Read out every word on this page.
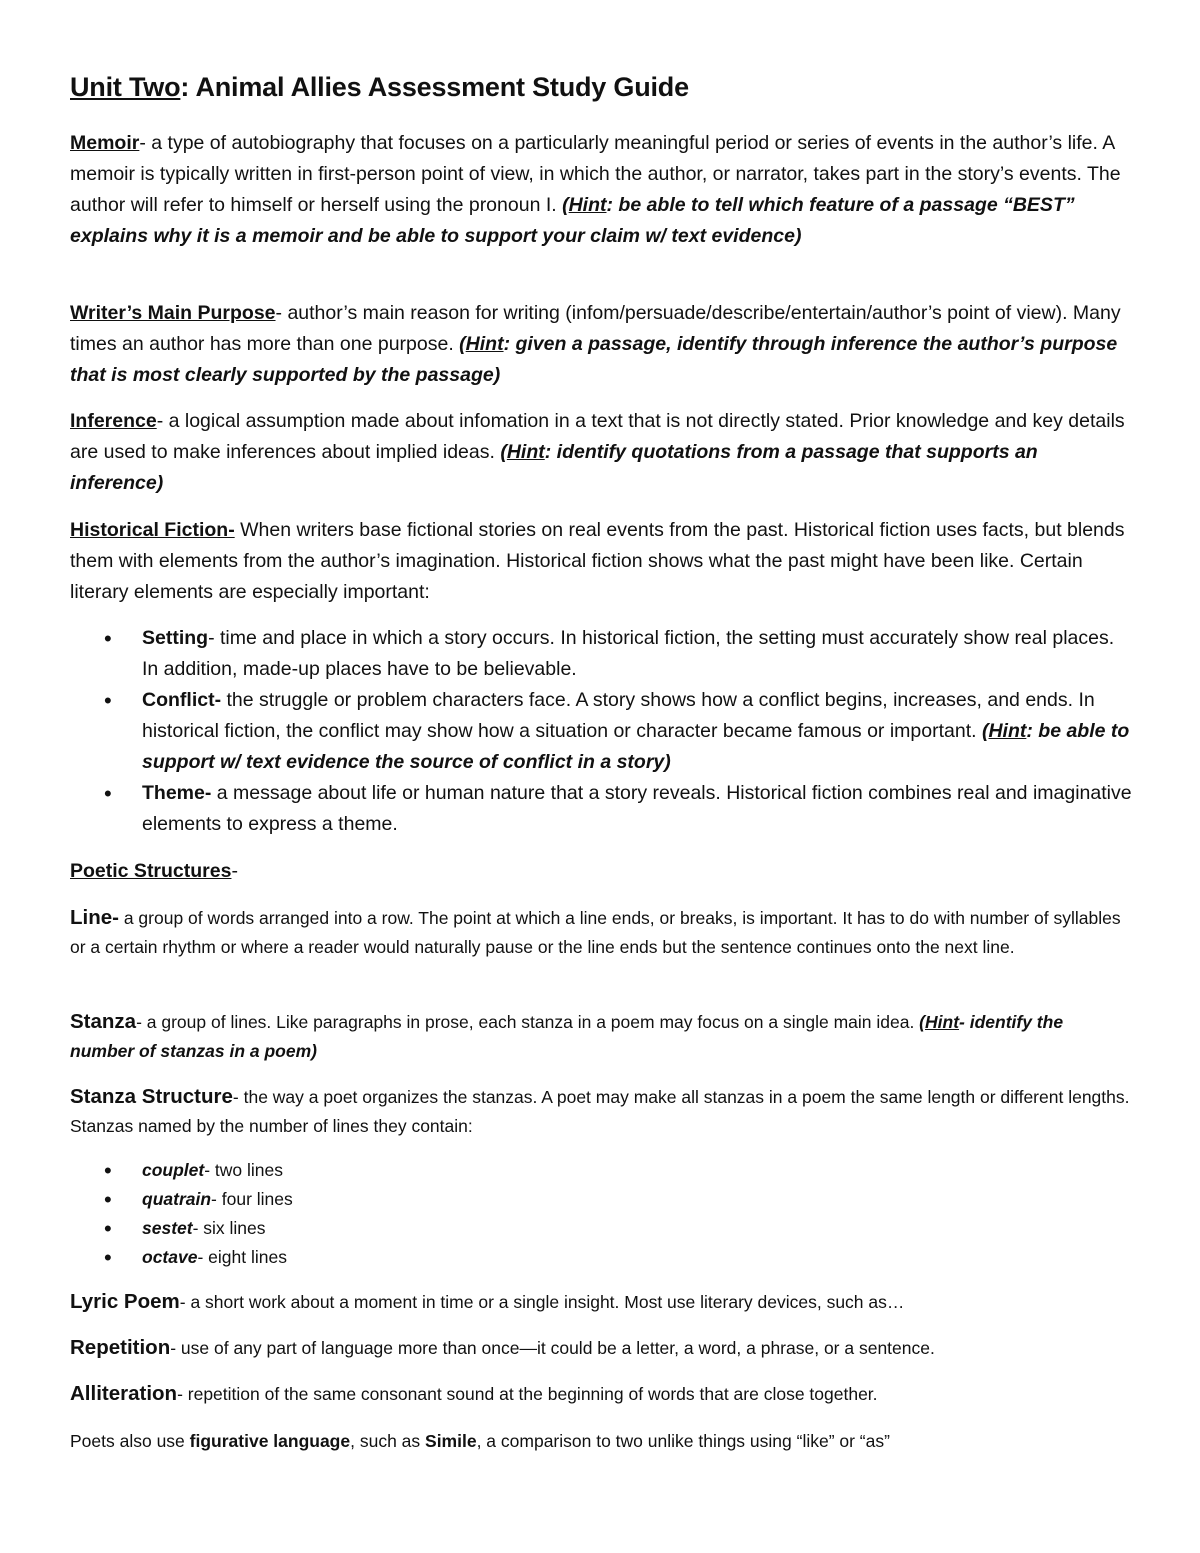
Unit Two: Animal Allies Assessment Study Guide
Memoir- a type of autobiography that focuses on a particularly meaningful period or series of events in the author’s life. A memoir is typically written in first-person point of view, in which the author, or narrator, takes part in the story’s events. The author will refer to himself or herself using the pronoun I. (Hint: be able to tell which feature of a passage “BEST” explains why it is a memoir and be able to support your claim w/ text evidence)
Writer’s Main Purpose- author’s main reason for writing (infom/persuade/describe/entertain/author’s point of view). Many times an author has more than one purpose. (Hint: given a passage, identify through inference the author’s purpose that is most clearly supported by the passage)
Inference- a logical assumption made about infomation in a text that is not directly stated. Prior knowledge and key details are used to make inferences about implied ideas. (Hint: identify quotations from a passage that supports an inference)
Historical Fiction- When writers base fictional stories on real events from the past. Historical fiction uses facts, but blends them with elements from the author’s imagination. Historical fiction shows what the past might have been like. Certain literary elements are especially important:
• Setting- time and place in which a story occurs. In historical fiction, the setting must accurately show real places. In addition, made-up places have to be believable.
• Conflict- the struggle or problem characters face. A story shows how a conflict begins, increases, and ends. In historical fiction, the conflict may show how a situation or character became famous or important. (Hint: be able to support w/ text evidence the source of conflict in a story)
• Theme- a message about life or human nature that a story reveals. Historical fiction combines real and imaginative elements to express a theme.
Poetic Structures-
Line- a group of words arranged into a row. The point at which a line ends, or breaks, is important. It has to do with number of syllables or a certain rhythm or where a reader would naturally pause or the line ends but the sentence continues onto the next line.
Stanza- a group of lines. Like paragraphs in prose, each stanza in a poem may focus on a single main idea. (Hint- identify the number of stanzas in a poem)
Stanza Structure- the way a poet organizes the stanzas. A poet may make all stanzas in a poem the same length or different lengths. Stanzas named by the number of lines they contain:
• couplet- two lines
• quatrain- four lines
• sestet- six lines
• octave- eight lines
Lyric Poem- a short work about a moment in time or a single insight. Most use literary devices, such as…
Repetition- use of any part of language more than once—it could be a letter, a word, a phrase, or a sentence.
Alliteration- repetition of the same consonant sound at the beginning of words that are close together.
Poets also use figurative language, such as Simile, a comparison to two unlike things using “like” or “as”
